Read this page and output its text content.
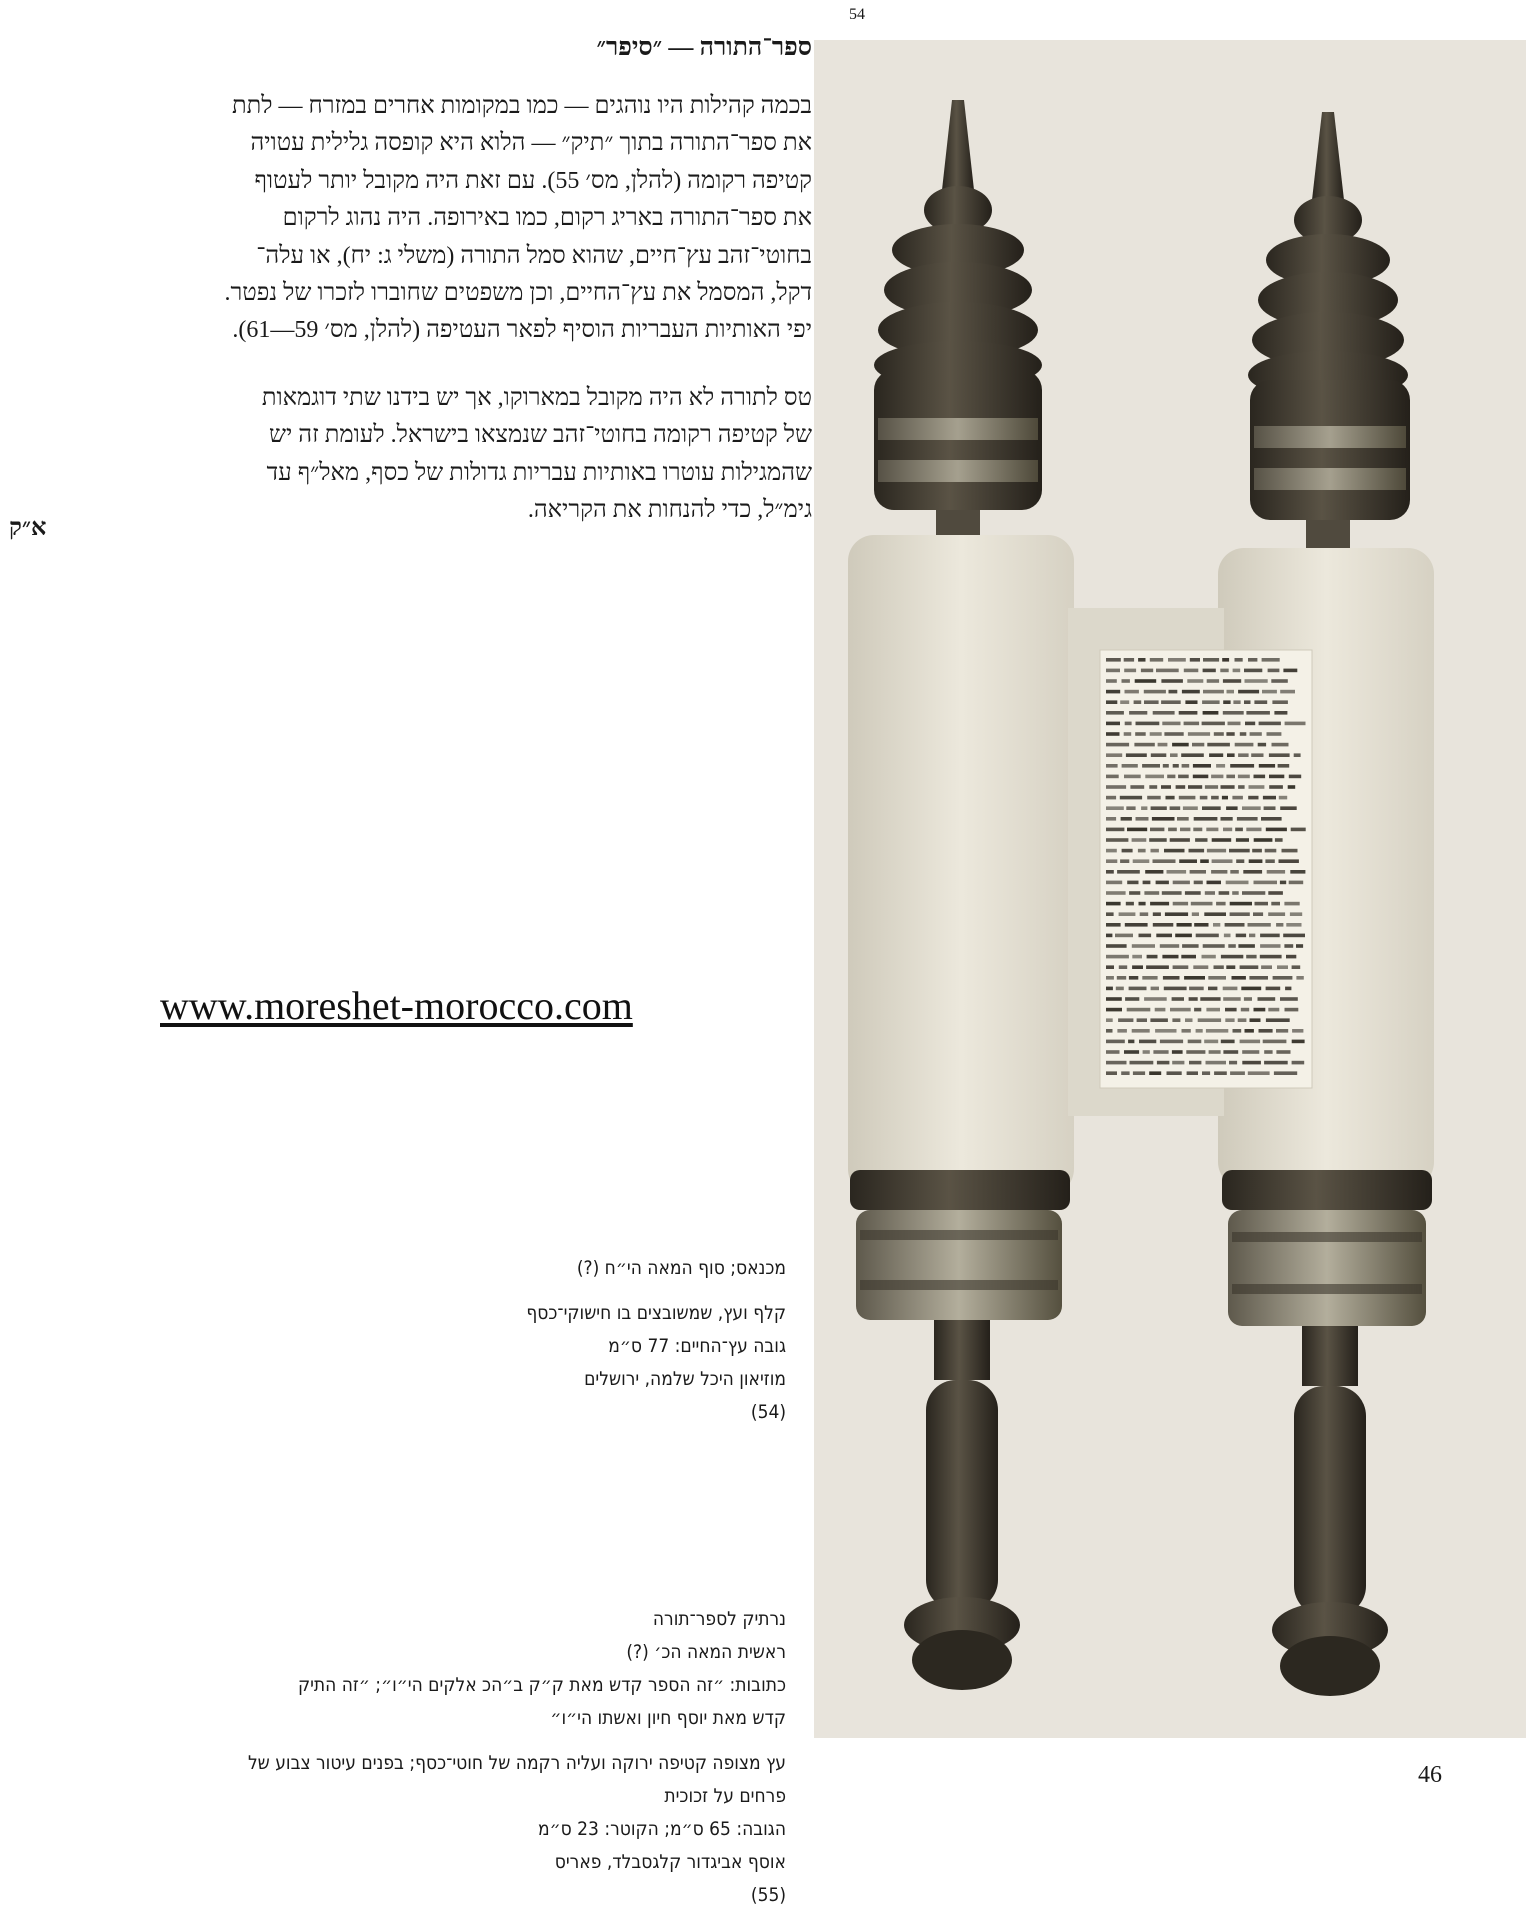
54
ספר־התורה — ״סיפר״
בכמה קהילות היו נוהגים — כמו במקומות אחרים במזרח — לתת
את ספר־התורה בתוך ״תיק״ — הלוא היא קופסה גלילית עטויה
קטיפה רקומה (להלן, מס׳ 55). עם זאת היה מקובל יותר לעטוף
את ספר־התורה באריג רקום, כמו באירופה. היה נהוג לרקום
בחוטי־זהב עץ־חיים, שהוא סמל התורה (משלי ג: יח), או עלה־
דקל, המסמל את עץ־החיים, וכן משפטים שחוברו לזכרו של נפטר.
יפי האותיות העבריות הוסיף לפאר העטיפה (להלן, מס׳ 59—61).
טס לתורה לא היה מקובל במארוקו, אך יש בידנו שתי דוגמאות
של קטיפה רקומה בחוטי־זהב שנמצאו בישראל. לעומת זה יש
שהמגילות עוטרו באותיות עבריות גדולות של כסף, מאל״ף עד
גימ״ל, כדי להנחות את הקריאה.
א״ק
www.moreshet-morocco.com
מכנאס; סוף המאה הי״ח (?)
קלף ועץ, שמשובצים בו חישוקי־כסף
גובה עץ־החיים: 77 ס״מ
מוזיאון היכל שלמה, ירושלים
(54)
נרתיק לספר־תורה
ראשית המאה הכ׳ (?)
כתובות: ״זה הספר קדש מאת ק״ק ב״הכ אלקים הי״ו״; ״זה התיק
קדש מאת יוסף חיון ואשתו הי״ו״
עץ מצופה קטיפה ירוקה ועליה רקמה של חוטי־כסף; בפנים עיטור צבוע של
פרחים על זכוכית
הגובה: 65 ס״מ; הקוטר: 23 ס״מ
אוסף אביגדור קלגסבלד, פאריס
(55)
46
